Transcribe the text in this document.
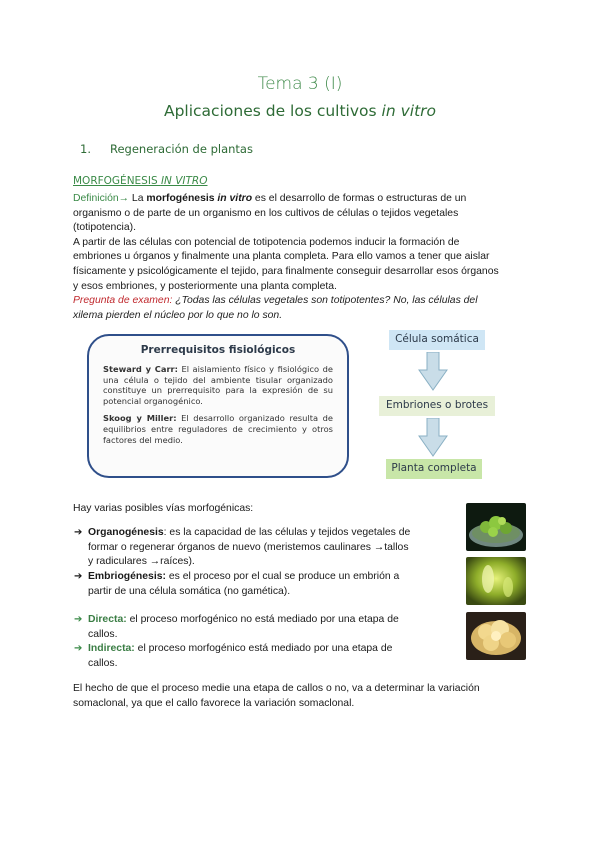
Tema 3 (I)
Aplicaciones de los cultivos in vitro
1. Regeneración de plantas
MORFOGÉNESIS IN VITRO
Definición→ La morfogénesis in vitro es el desarrollo de formas o estructuras de un
organismo o de parte de un organismo en los cultivos de células o tejidos vegetales
(totipotencia).
A partir de las células con potencial de totipotencia podemos inducir la formación de
embriones u órganos y finalmente una planta completa. Para ello vamos a tener que aislar
físicamente y psicológicamente el tejido, para finalmente conseguir desarrollar esos órganos
y esos embriones, y posteriormente una planta completa.
Pregunta de examen: ¿Todas las células vegetales son totipotentes? No, las células del
xilema pierden el núcleo por lo que no lo son.
Prerrequisitos fisiológicos

Steward y Carr: El aislamiento físico y fisiológico de una célula o tejido del ambiente tisular organizado constituye un prerrequisito para la expresión de su potencial organogénico.

Skoog y Miller: El desarrollo organizado resulta de equilibrios entre reguladores de crecimiento y otros factores del medio.

Célula somática
Embriones o brotes
Planta completa
Hay varias posibles vías morfogénicas:
➔ Organogénesis: es la capacidad de las células y tejidos vegetales de
formar o regenerar órganos de nuevo (meristemos caulinares →tallos
y radiculares →raíces).
➔ Embriogénesis: es el proceso por el cual se produce un embrión a
partir de una célula somática (no gamética).
➔ Directa: el proceso morfogénico no está mediado por una etapa de
callos.
➔ Indirecta: el proceso morfogénico está mediado por una etapa de
callos.
El hecho de que el proceso medie una etapa de callos o no, va a determinar la variación
somaclonal, ya que el callo favorece la variación somaclonal.
